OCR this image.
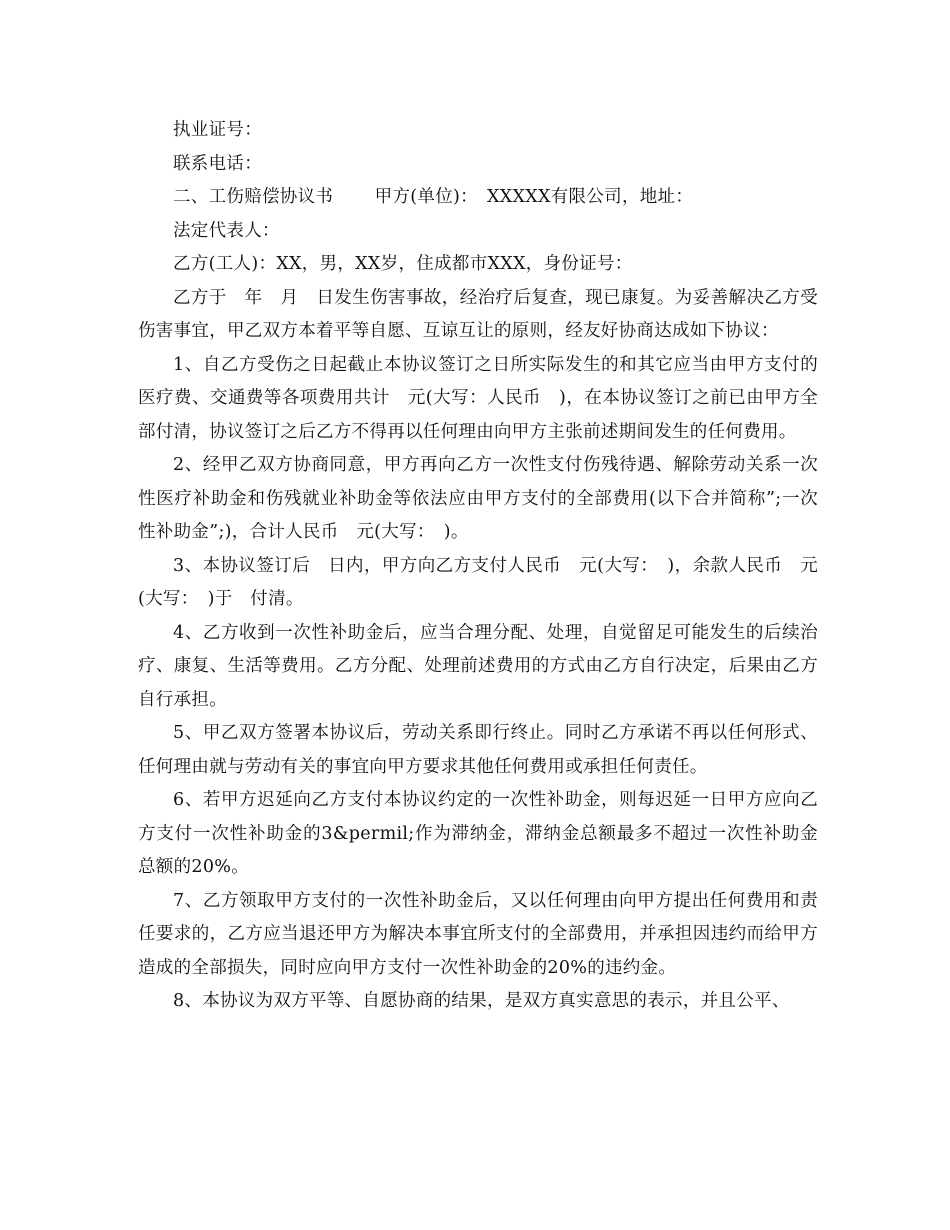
执业证号：

联系电话：

二、工伤赔偿协议书　　 甲方(单位)：　XXXXX有限公司，地址：

法定代表人：

乙方(工人)：XX，男，XX岁，住成都市XXX，身份证号：

乙方于　年　月　日发生伤害事故，经治疗后复查，现已康复。为妥善解决乙方受伤害事宜，甲乙双方本着平等自愿、互谅互让的原则，经友好协商达成如下协议：

1、自乙方受伤之日起截止本协议签订之日所实际发生的和其它应当由甲方支付的医疗费、交通费等各项费用共计　元(大写：人民币　)，在本协议签订之前已由甲方全部付清，协议签订之后乙方不得再以任何理由向甲方主张前述期间发生的任何费用。

2、经甲乙双方协商同意，甲方再向乙方一次性支付伤残待遇、解除劳动关系一次性医疗补助金和伤残就业补助金等依法应由甲方支付的全部费用(以下合并简称”;一次性补助金”;)，合计人民币　元(大写：　)。

3、本协议签订后　日内，甲方向乙方支付人民币　元(大写：　)，余款人民币　元(大写：　)于　付清。

4、乙方收到一次性补助金后，应当合理分配、处理，自觉留足可能发生的后续治疗、康复、生活等费用。乙方分配、处理前述费用的方式由乙方自行决定，后果由乙方自行承担。

5、甲乙双方签署本协议后，劳动关系即行终止。同时乙方承诺不再以任何形式、任何理由就与劳动有关的事宜向甲方要求其他任何费用或承担任何责任。

6、若甲方迟延向乙方支付本协议约定的一次性补助金，则每迟延一日甲方应向乙方支付一次性补助金的3&permil;作为滞纳金，滞纳金总额最多不超过一次性补助金总额的20%。

7、乙方领取甲方支付的一次性补助金后，又以任何理由向甲方提出任何费用和责任要求的，乙方应当退还甲方为解决本事宜所支付的全部费用，并承担因违约而给甲方造成的全部损失，同时应向甲方支付一次性补助金的20%的违约金。

8、本协议为双方平等、自愿协商的结果，是双方真实意思的表示，并且公平、
